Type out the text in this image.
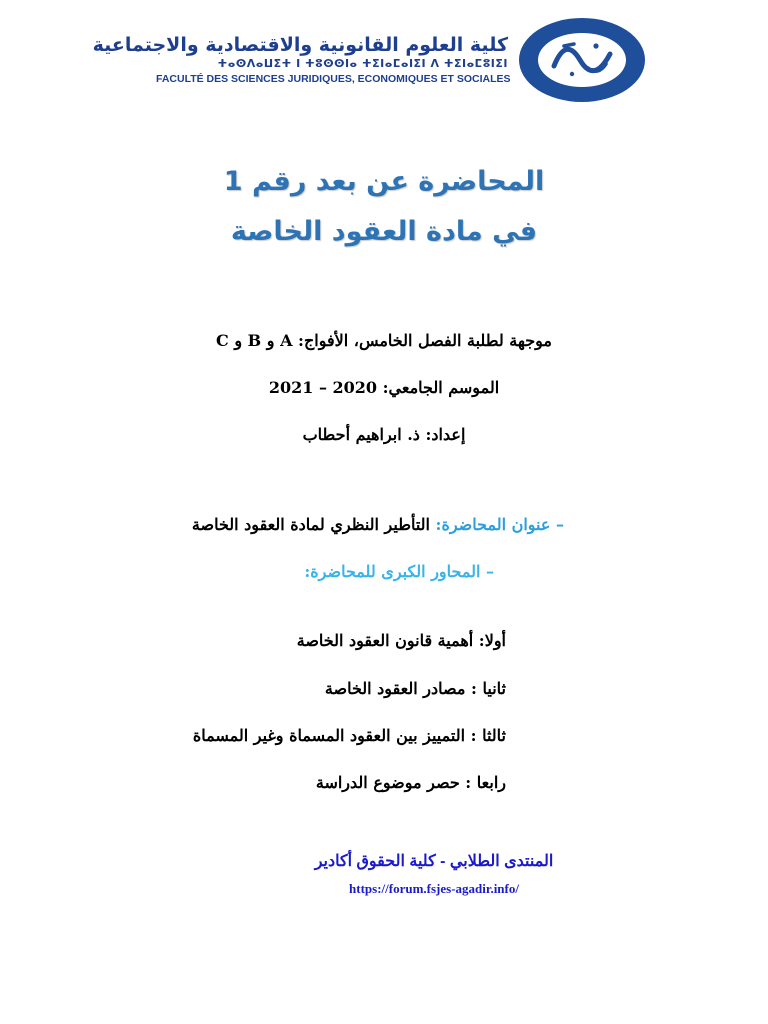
كلية العلوم القانونية والاقتصادية والاجتماعية
ⵜⴰⵙⴷⴰⵡⵉⵜ ⵏ ⵜⵓⵙⵙⵏⴰ ⵜⵉⵏⴰⵎⴰⵏⵉⵏ ⴷ ⵜⵉⵏⴰⵎⵓⵏⵉⵏ
FACULTÉ DES SCIENCES JURIDIQUES, ECONOMIQUES ET SOCIALES
المحاضرة عن بعد رقم 1
في مادة العقود الخاصة
موجهة لطلبة الفصل الخامس، الأفواج: A و B و C
الموسم الجامعي: 2020 – 2021
إعداد: ذ. ابراهيم أحطاب
– عنوان المحاضرة: التأطير النظري لمادة العقود الخاصة
– المحاور الكبرى للمحاضرة:
أولا: أهمية قانون العقود الخاصة
ثانيا : مصادر العقود الخاصة
ثالثا : التمييز بين العقود المسماة وغير المسماة
رابعا : حصر موضوع الدراسة
المنتدى الطلابي - كلية الحقوق أكادير
https://forum.fsjes-agadir.info/
